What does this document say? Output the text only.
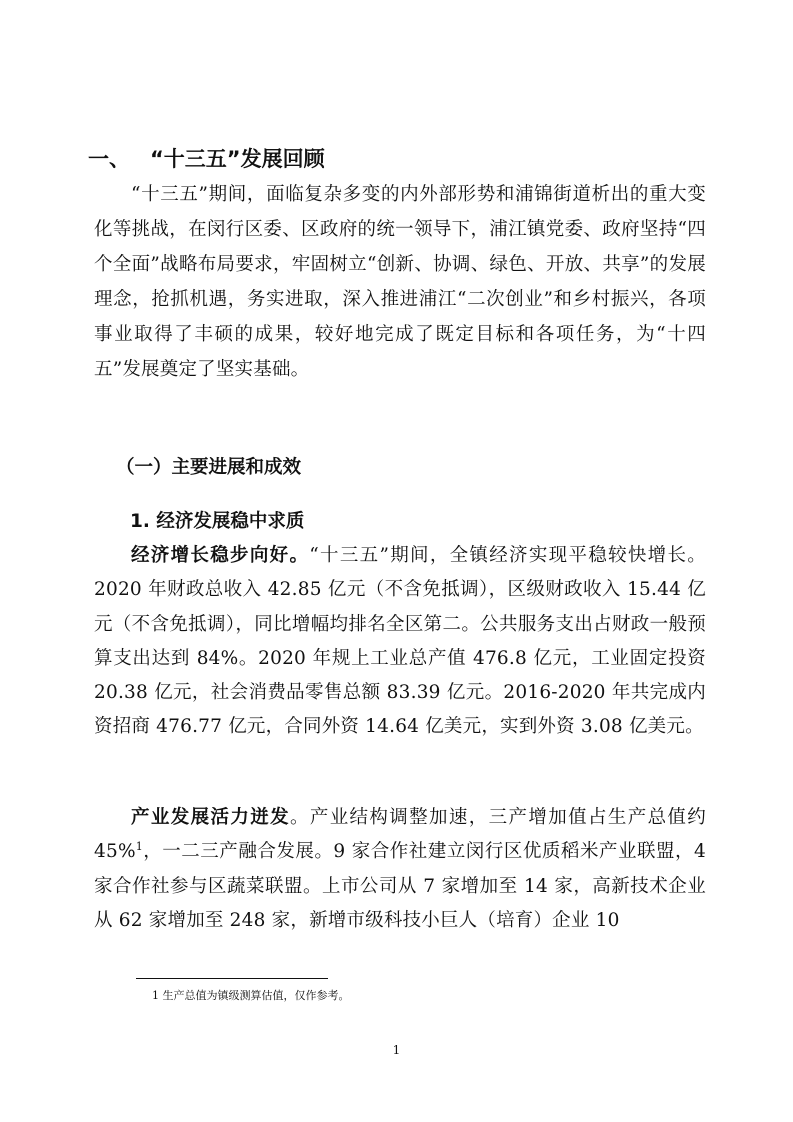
一、 “十三五”发展回顾

“十三五”期间，面临复杂多变的内外部形势和浦锦街道析出的重大变化等挑战，在闵行区委、区政府的统一领导下，浦江镇党委、政府坚持“四个全面”战略布局要求，牢固树立“创新、协调、绿色、开放、共享”的发展理念，抢抓机遇，务实进取，深入推进浦江“二次创业”和乡村振兴，各项事业取得了丰硕的成果，较好地完成了既定目标和各项任务，为“十四五”发展奠定了坚实基础。

（一）主要进展和成效
1. 经济发展稳中求质

经济增长稳步向好。“十三五”期间，全镇经济实现平稳较快增长。2020 年财政总收入 42.85 亿元（不含免抵调），区级财政收入 15.44 亿元（不含免抵调），同比增幅均排名全区第二。公共服务支出占财政一般预算支出达到 84%。2020 年规上工业总产值 476.8 亿元，工业固定投资 20.38 亿元，社会消费品零售总额 83.39 亿元。2016-2020 年共完成内资招商 476.77 亿元，合同外资 14.64 亿美元，实到外资 3.08 亿美元。

产业发展活力迸发。产业结构调整加速，三产增加值占生产总值约 45%$^1$，一二三产融合发展。9 家合作社建立闵行区优质稻米产业联盟，4 家合作社参与区蔬菜联盟。上市公司从 7 家增加至 14 家，高新技术企业从 62 家增加至 248 家，新增市级科技小巨人（培育）企业 10

1 生产总值为镇级测算估值，仅作参考。
1
